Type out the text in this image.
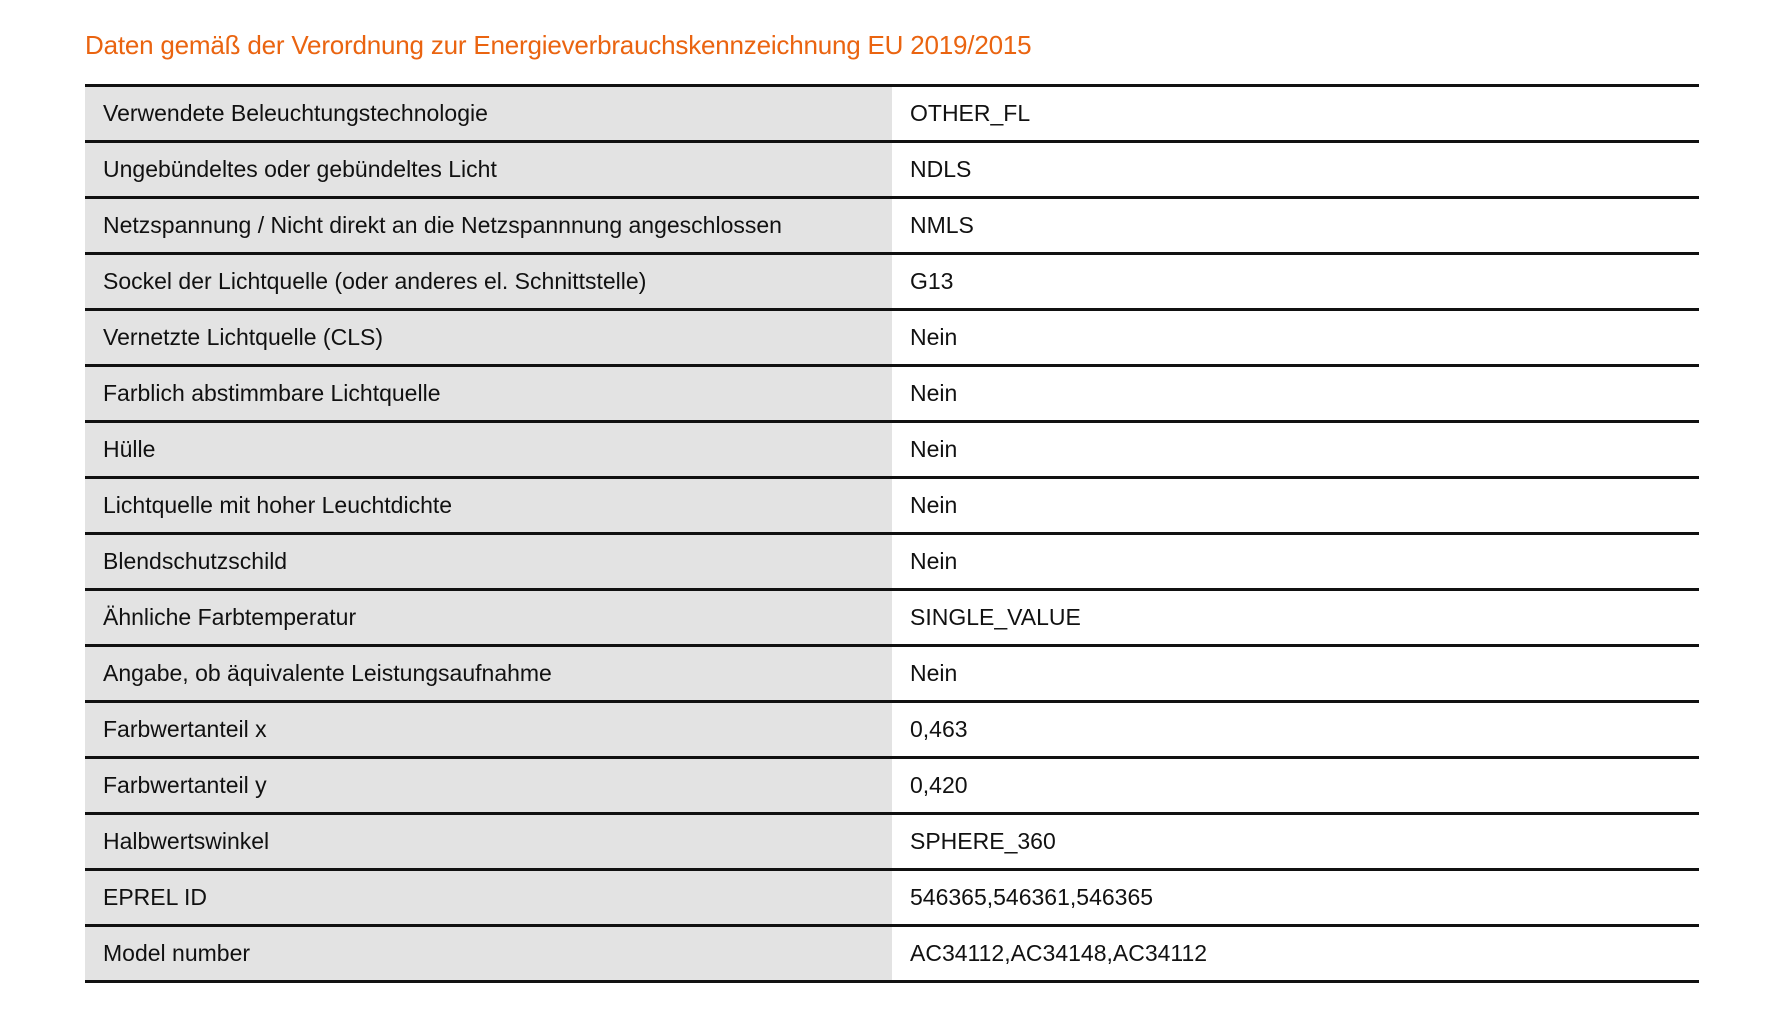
Daten gemäß der Verordnung zur Energieverbrauchskennzeichnung EU 2019/2015
Verwendete Beleuchtungstechnologie	OTHER_FL
Ungebündeltes oder gebündeltes Licht	NDLS
Netzspannung / Nicht direkt an die Netzspannnung angeschlossen	NMLS
Sockel der Lichtquelle (oder anderes el. Schnittstelle)	G13
Vernetzte Lichtquelle (CLS)	Nein
Farblich abstimmbare Lichtquelle	Nein
Hülle	Nein
Lichtquelle mit hoher Leuchtdichte	Nein
Blendschutzschild	Nein
Ähnliche Farbtemperatur	SINGLE_VALUE
Angabe, ob äquivalente Leistungsaufnahme	Nein
Farbwertanteil x	0,463
Farbwertanteil y	0,420
Halbwertswinkel	SPHERE_360
EPREL ID	546365,546361,546365
Model number	AC34112,AC34148,AC34112
